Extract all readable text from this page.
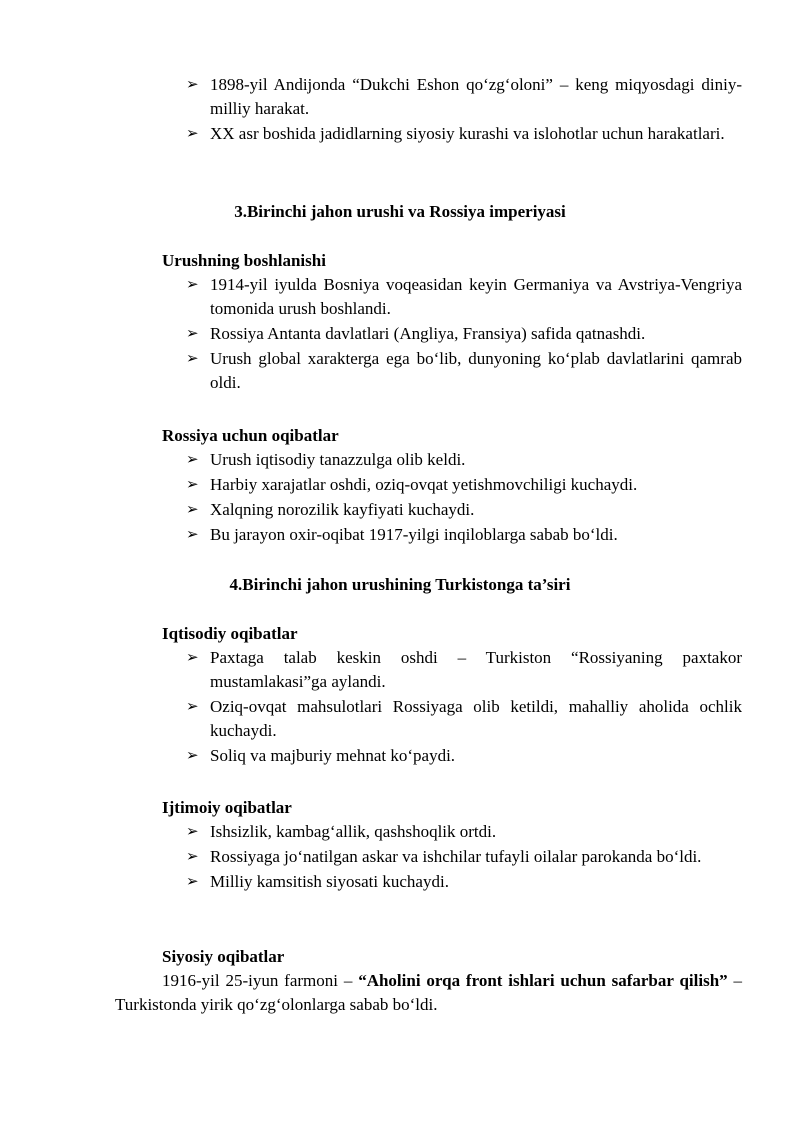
➢ 1898-yil Andijonda “Dukchi Eshon qo‘zg‘oloni” – keng miqyosdagi diniy-milliy harakat.
➢ XX asr boshida jadidlarning siyosiy kurashi va islohotlar uchun harakatlari.

3.Birinchi jahon urushi va Rossiya imperiyasi

Urushning boshlanishi

➢ 1914-yil iyulda Bosniya voqeasidan keyin Germaniya va Avstriya-Vengriya tomonida urush boshlandi.
➢ Rossiya Antanta davlatlari (Angliya, Fransiya) safida qatnashdi.
➢ Urush global xarakterga ega bo‘lib, dunyoning ko‘plab davlatlarini qamrab oldi.

Rossiya uchun oqibatlar

➢ Urush iqtisodiy tanazzulga olib keldi.
➢ Harbiy xarajatlar oshdi, oziq-ovqat yetishmovchiligi kuchaydi.
➢ Xalqning norozilik kayfiyati kuchaydi.
➢ Bu jarayon oxir-oqibat 1917-yilgi inqiloblarga sabab bo‘ldi.

4.Birinchi jahon urushining Turkistonga ta’siri

Iqtisodiy oqibatlar

➢ Paxtaga talab keskin oshdi – Turkiston “Rossiyaning paxtakor mustamlakasi”ga aylandi.
➢ Oziq-ovqat mahsulotlari Rossiyaga olib ketildi, mahalliy aholida ochlik kuchaydi.
➢ Soliq va majburiy mehnat ko‘paydi.

Ijtimoiy oqibatlar

➢ Ishsizlik, kambag‘allik, qashshoqlik ortdi.
➢ Rossiyaga jo‘natilgan askar va ishchilar tufayli oilalar parokanda bo‘ldi.
➢ Milliy kamsitish siyosati kuchaydi.

Siyosiy oqibatlar

1916-yil 25-iyun farmoni – “Aholini orqa front ishlari uchun safarbar qilish” – Turkistonda yirik qo‘zg‘olonlarga sabab bo‘ldi.
